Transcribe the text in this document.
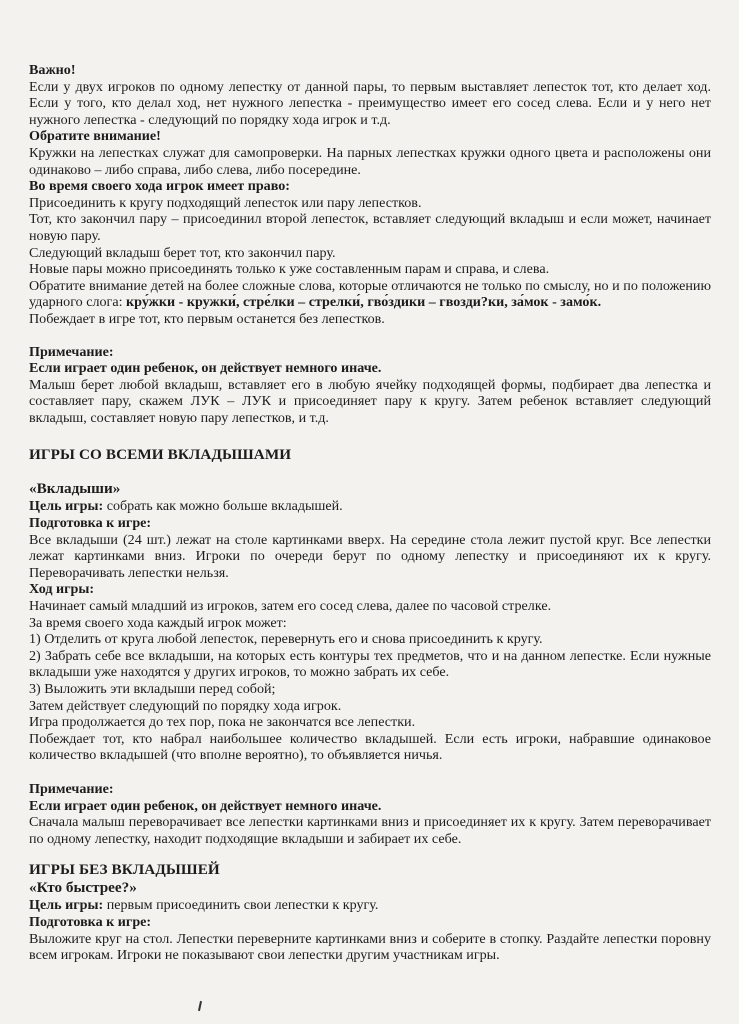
Важно!

Если у двух игроков по одному лепестку от данной пары, то первым выставляет лепесток тот, кто делает ход. Если у того, кто делал ход, нет нужного лепестка - преимущество имеет его сосед слева. Если и у него нет нужного лепестка - следующий по порядку хода игрок и т.д.

Обратите внимание!

Кружки на лепестках служат для самопроверки. На парных лепестках кружки одного цвета и расположены они одинаково – либо справа, либо слева, либо посередине.

Во время своего хода игрок имеет право:

Присоединить к кругу подходящий лепесток или пару лепестков.

Тот, кто закончил пару – присоединил второй лепесток, вставляет следующий вкладыш и если может, начинает новую пару.

Следующий вкладыш берет тот, кто закончил пару.

Новые пары можно присоединять только к уже составленным парам и справа, и слева.

Обратите внимание детей на более сложные слова, которые отличаются не только по смыслу, но и по положению ударного слога: кру́жки - кружки́, стре́лки – стрелки́, гво́здики – гвозди?ки, за́мок - замо́к.

Побеждает в игре тот, кто первым останется без лепестков.

Примечание:

Если играет один ребенок, он действует немного иначе.

Малыш берет любой вкладыш, вставляет его в любую ячейку подходящей формы, подбирает два лепестка и составляет пару, скажем ЛУК – ЛУК и присоединяет пару к кругу. Затем ребенок вставляет следующий вкладыш, составляет новую пару лепестков, и т.д.

ИГРЫ СО ВСЕМИ ВКЛАДЫШАМИ

«Вкладыши»

Цель игры: собрать как можно больше вкладышей.

Подготовка к игре:

Все вкладыши (24 шт.) лежат на столе картинками вверх. На середине стола лежит пустой круг. Все лепестки лежат картинками вниз. Игроки по очереди берут по одному лепестку и присоединяют их к кругу. Переворачивать лепестки нельзя.

Ход игры:

Начинает самый младший из игроков, затем его сосед слева, далее по часовой стрелке.

За время своего хода каждый игрок может:

1) Отделить от круга любой лепесток, перевернуть его и снова присоединить к кругу.

2) Забрать себе все вкладыши, на которых есть контуры тех предметов, что и на данном лепестке. Если нужные вкладыши уже находятся у других игроков, то можно забрать их себе.

3) Выложить эти вкладыши перед собой;

Затем действует следующий по порядку хода игрок.

Игра продолжается до тех пор, пока не закончатся все лепестки.

Побеждает тот, кто набрал наибольшее количество вкладышей. Если есть игроки, набравшие одинаковое количество вкладышей (что вполне вероятно), то объявляется ничья.

Примечание:

Если играет один ребенок, он действует немного иначе.

Сначала малыш переворачивает все лепестки картинками вниз и присоединяет их к кругу. Затем переворачивает по одному лепестку, находит подходящие вкладыши и забирает их себе.

ИГРЫ БЕЗ ВКЛАДЫШЕЙ

«Кто быстрее?»

Цель игры: первым присоединить свои лепестки к кругу.

Подготовка к игре:

Выложите круг на стол. Лепестки переверните картинками вниз и соберите в стопку. Раздайте лепестки поровну всем игрокам. Игроки не показывают свои лепестки другим участникам игры.
